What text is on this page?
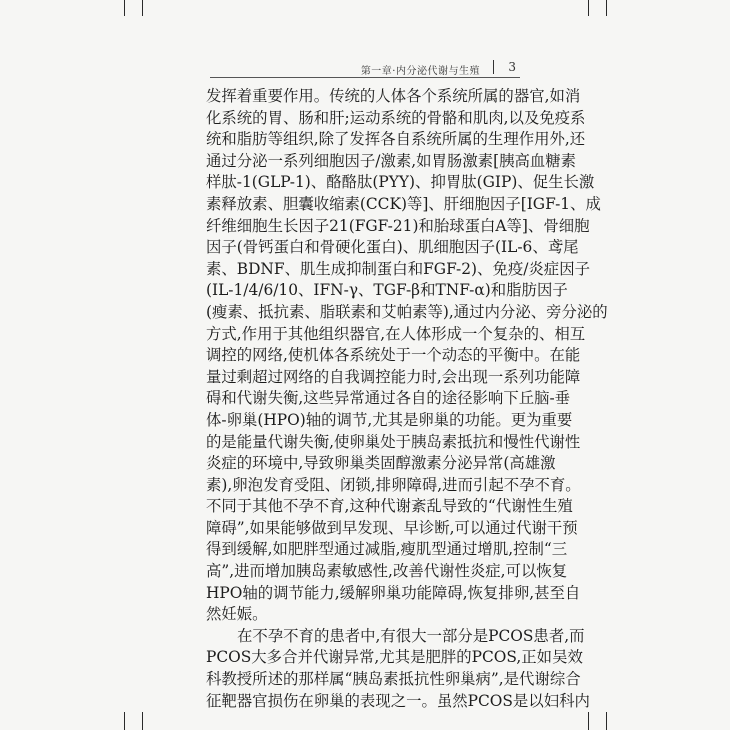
第一章·内分泌代谢与生殖 3
发挥着重要作用。传统的人体各个系统所属的器官,如消
化系统的胃、肠和肝;运动系统的骨骼和肌肉,以及免疫系
统和脂肪等组织,除了发挥各自系统所属的生理作用外,还
通过分泌一系列细胞因子/激素,如胃肠激素[胰高血糖素
样肽-1(GLP-1)、酪酪肽(PYY)、抑胃肽(GIP)、促生长激
素释放素、胆囊收缩素(CCK)等]、肝细胞因子[IGF-1、成
纤维细胞生长因子21(FGF-21)和胎球蛋白A等]、骨细胞
因子(骨钙蛋白和骨硬化蛋白)、肌细胞因子(IL-6、鸢尾
素、BDNF、肌生成抑制蛋白和FGF-2)、免疫/炎症因子
(IL-1/4/6/10、IFN-γ、TGF-β和TNF-α)和脂肪因子
(瘦素、抵抗素、脂联素和艾帕素等),通过内分泌、旁分泌的
方式,作用于其他组织器官,在人体形成一个复杂的、相互
调控的网络,使机体各系统处于一个动态的平衡中。在能
量过剩超过网络的自我调控能力时,会出现一系列功能障
碍和代谢失衡,这些异常通过各自的途径影响下丘脑-垂
体-卵巢(HPO)轴的调节,尤其是卵巢的功能。更为重要
的是能量代谢失衡,使卵巢处于胰岛素抵抗和慢性代谢性
炎症的环境中,导致卵巢类固醇激素分泌异常(高雄激
素),卵泡发育受阻、闭锁,排卵障碍,进而引起不孕不育。
不同于其他不孕不育,这种代谢紊乱导致的“代谢性生殖
障碍”,如果能够做到早发现、早诊断,可以通过代谢干预
得到缓解,如肥胖型通过减脂,瘦肌型通过增肌,控制“三
高”,进而增加胰岛素敏感性,改善代谢性炎症,可以恢复
HPO轴的调节能力,缓解卵巢功能障碍,恢复排卵,甚至自
然妊娠。
在不孕不育的患者中,有很大一部分是PCOS患者,而
PCOS大多合并代谢异常,尤其是肥胖的PCOS,正如吴效
科教授所述的那样属“胰岛素抵抗性卵巢病”,是代谢综合
征靶器官损伤在卵巢的表现之一。虽然PCOS是以妇科内
